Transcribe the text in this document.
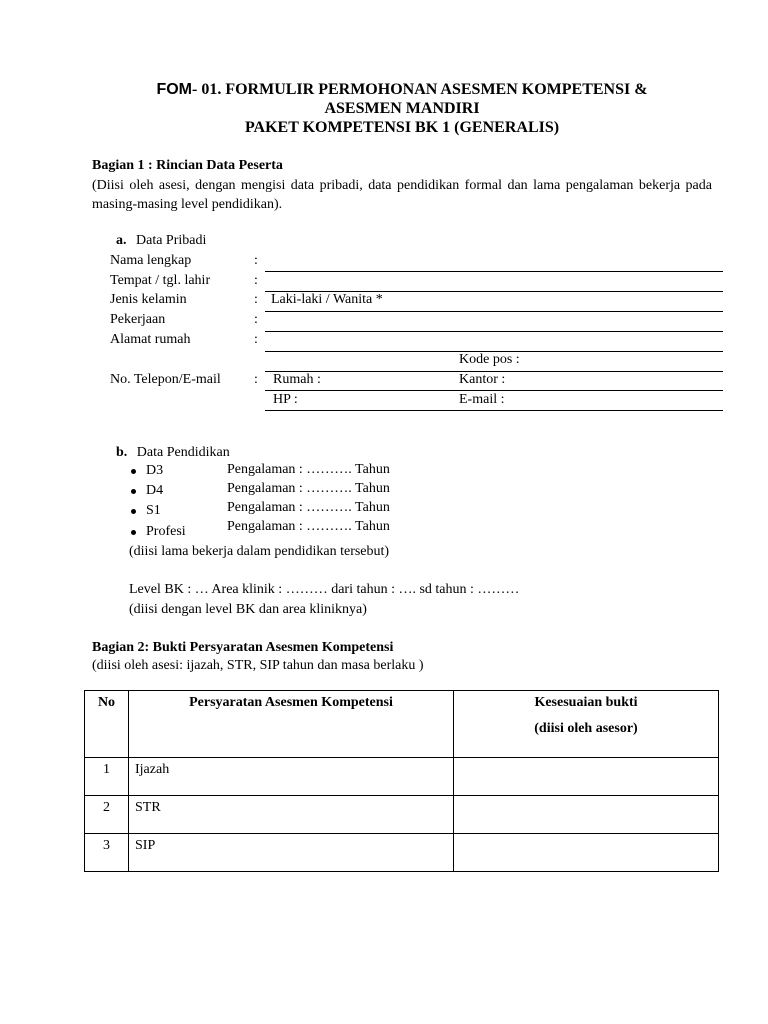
FOM- 01. FORMULIR PERMOHONAN ASESMEN KOMPETENSI &
ASESMEN MANDIRI
PAKET KOMPETENSI BK 1 (GENERALIS)
Bagian 1 : Rincian Data Peserta
(Diisi oleh asesi, dengan mengisi data pribadi, data pendidikan formal dan lama pengalaman bekerja pada masing-masing level pendidikan).
a. Data Pribadi
Nama lengkap	:
Tempat / tgl. lahir	:
Jenis kelamin	: Laki-laki / Wanita *
Pekerjaan	:
Alamat rumah	:
Kode pos :
No. Telepon/E-mail : Rumah :	Kantor :
HP :	E-mail :
b. Data Pendidikan
D3	Pengalaman : ………. Tahun
D4	Pengalaman : ………. Tahun
S1	Pengalaman : ………. Tahun
Profesi	Pengalaman : ………. Tahun
(diisi lama bekerja dalam pendidikan tersebut)
Level BK : … Area klinik : ……… dari tahun : …. sd tahun : ………
(diisi dengan level BK dan area kliniknya)
Bagian 2: Bukti Persyaratan Asesmen Kompetensi
(diisi oleh asesi: ijazah, STR, SIP tahun dan masa berlaku )
No	Persyaratan Asesmen Kompetensi	Kesesuaian bukti
(diisi oleh asesor)

1	Ijazah	
2	STR	
3	SIP	
